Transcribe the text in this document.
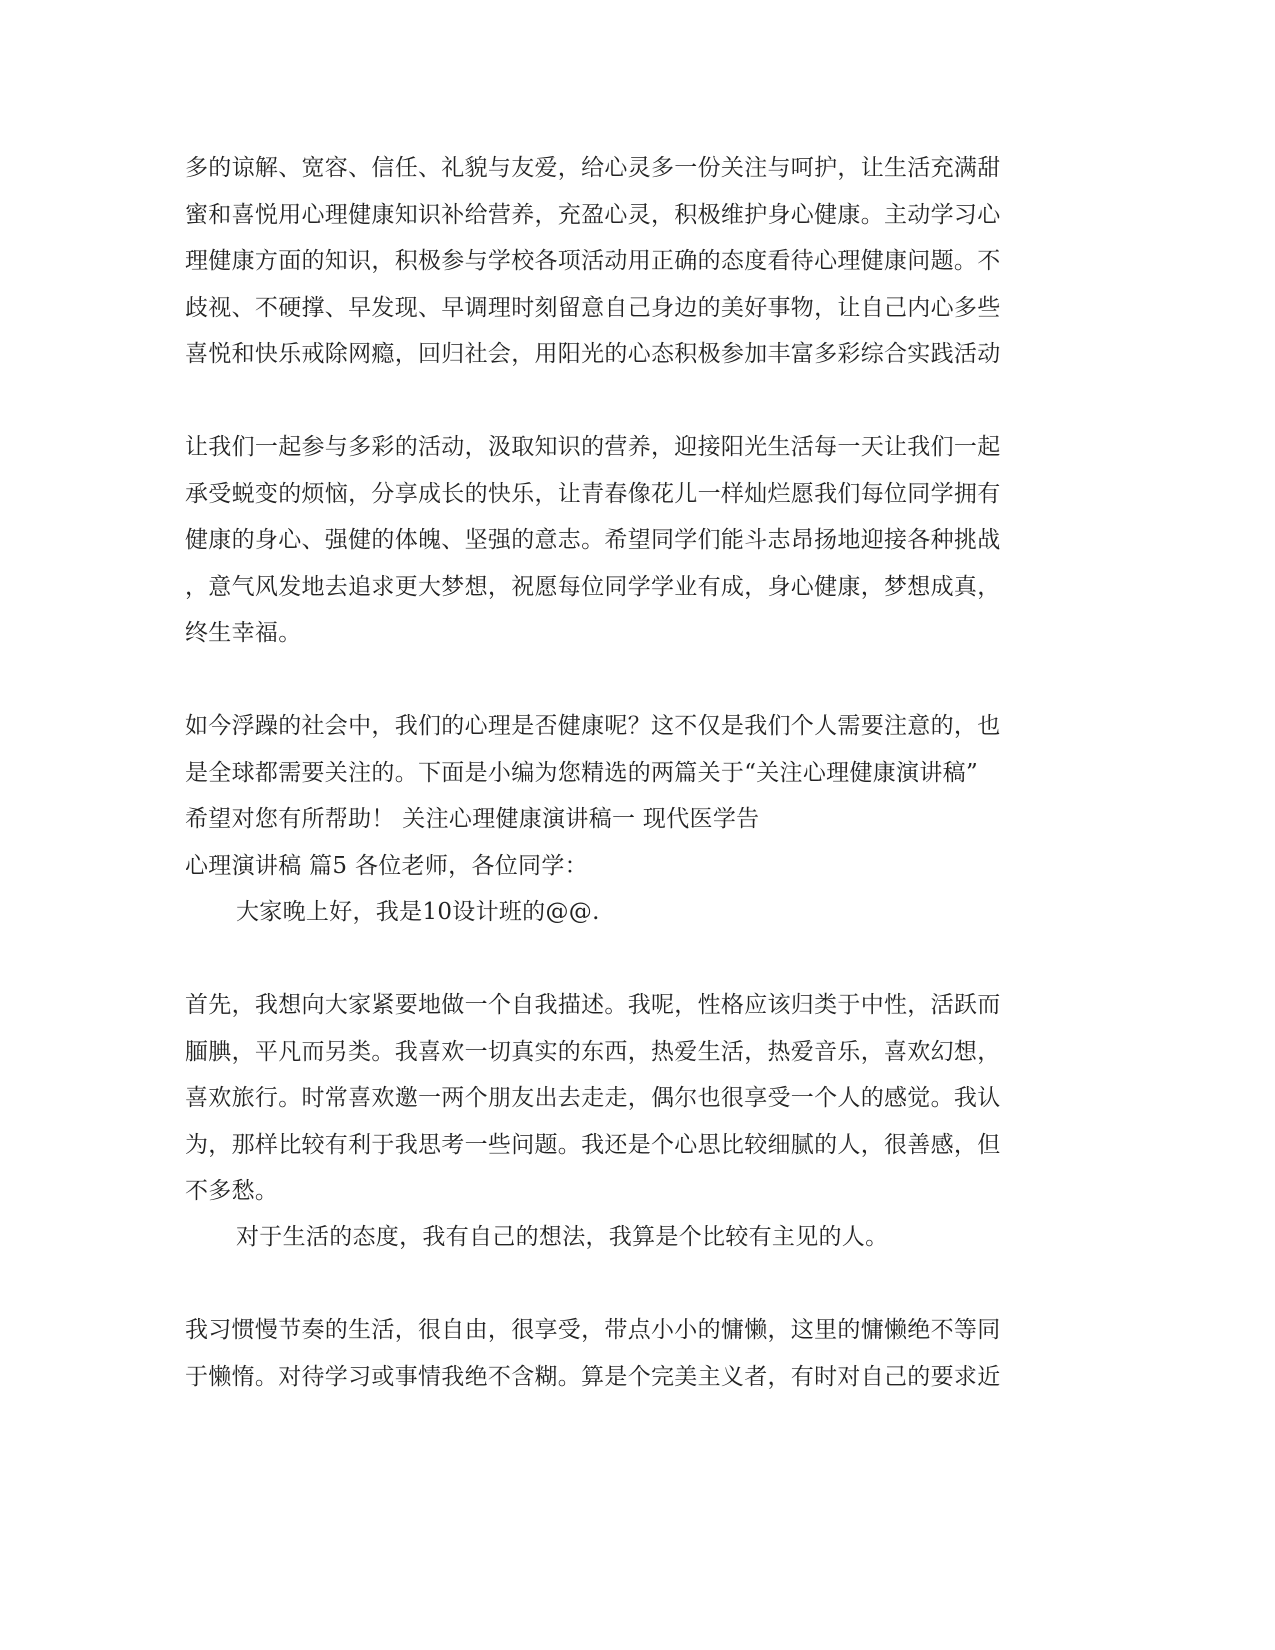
多的谅解、宽容、信任、礼貌与友爱，给心灵多一份关注与呵护，让生活充满甜
蜜和喜悦用心理健康知识补给营养，充盈心灵，积极维护身心健康。主动学习心
理健康方面的知识，积极参与学校各项活动用正确的态度看待心理健康问题。不
歧视、不硬撑、早发现、早调理时刻留意自己身边的美好事物，让自己内心多些
喜悦和快乐戒除网瘾，回归社会，用阳光的心态积极参加丰富多彩综合实践活动
让我们一起参与多彩的活动，汲取知识的营养，迎接阳光生活每一天让我们一起
承受蜕变的烦恼，分享成长的快乐，让青春像花儿一样灿烂愿我们每位同学拥有
健康的身心、强健的体魄、坚强的意志。希望同学们能斗志昂扬地迎接各种挑战
，意气风发地去追求更大梦想，祝愿每位同学学业有成，身心健康，梦想成真，
终生幸福。
如今浮躁的社会中，我们的心理是否健康呢？这不仅是我们个人需要注意的，也
是全球都需要关注的。下面是小编为您精选的两篇关于“关注心理健康演讲稿”
希望对您有所帮助！ 关注心理健康演讲稿一 现代医学告
心理演讲稿 篇5 各位老师，各位同学：
大家晚上好，我是10设计班的@@.
首先，我想向大家紧要地做一个自我描述。我呢，性格应该归类于中性，活跃而
腼腆，平凡而另类。我喜欢一切真实的东西，热爱生活，热爱音乐，喜欢幻想，
喜欢旅行。时常喜欢邀一两个朋友出去走走，偶尔也很享受一个人的感觉。我认
为，那样比较有利于我思考一些问题。我还是个心思比较细腻的人，很善感，但
不多愁。
对于生活的态度，我有自己的想法，我算是个比较有主见的人。
我习惯慢节奏的生活，很自由，很享受，带点小小的慵懒，这里的慵懒绝不等同
于懒惰。对待学习或事情我绝不含糊。算是个完美主义者，有时对自己的要求近
